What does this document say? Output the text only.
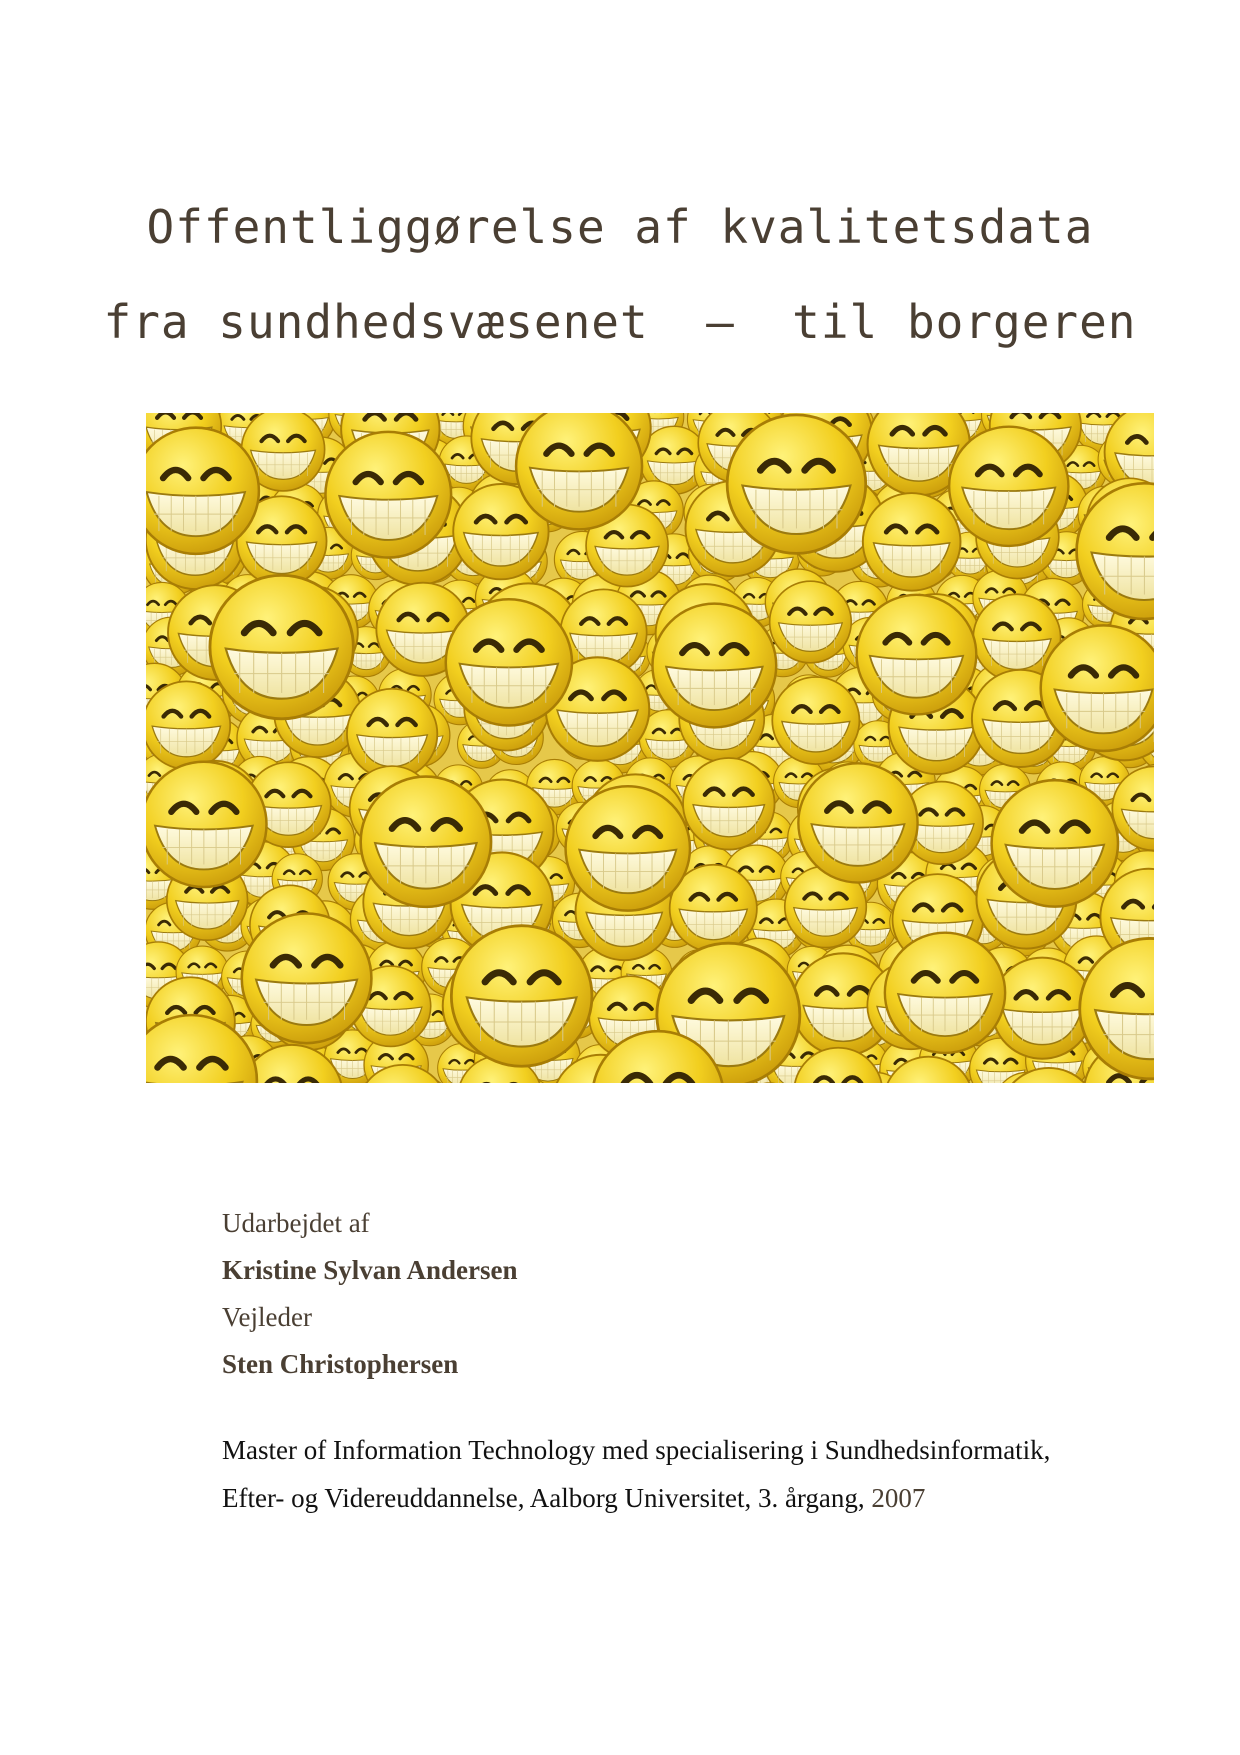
Offentliggørelse af kvalitetsdata
fra sundhedsvæsenet  –  til borgeren
Udarbejdet af
Kristine Sylvan Andersen
Vejleder
Sten Christophersen
Master of Information Technology med specialisering i Sundhedsinformatik,
Efter- og Videreuddannelse, Aalborg Universitet, 3. årgang, 2007
